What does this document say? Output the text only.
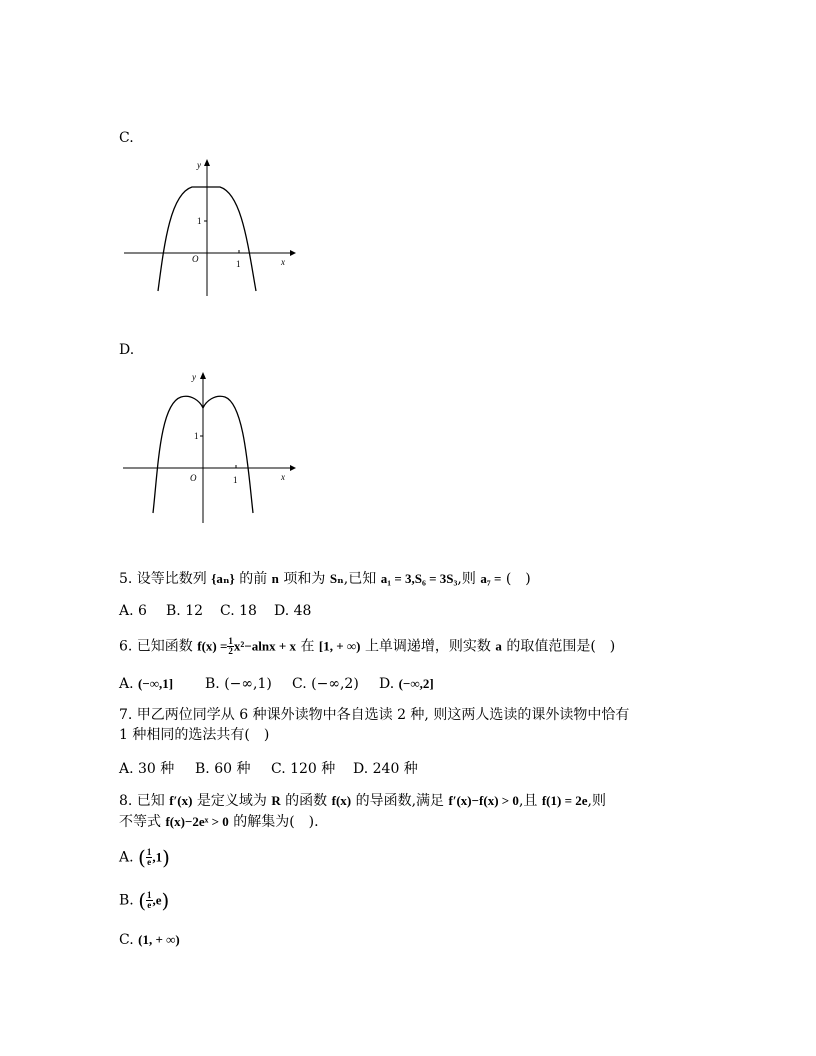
C.
y
x
O	1
1
D.
y
x
O	1
1
5. 设等比数列 {aₙ} 的前 n 项和为 Sₙ,已知 a₁ = 3,S₆ = 3S₃,则 a₇ = (　)
A. 6 B. 12 C. 18 D. 48
6. 已知函数 $f(x) = \frac{1}{2} x^2-alnx + x$ 在 [1, + ∞) 上单调递增，则实数 a 的取值范围是(　)
A. (−∞,1] B. (−∞,1) C. (−∞,2) D. (−∞,2]
7. 甲乙两位同学从 6 种课外读物中各自选读 2 种, 则这两人选读的课外读物中恰有
1 种相同的选法共有(　)
A. 30 种 B. 60 种 C. 120 种 D. 240 种
8. 已知 f′(x) 是定义域为 R 的函数 f(x) 的导函数,满足 f′(x)−f(x) > 0,且 f(1) = 2e,则
不等式 f(x)−2eˣ > 0 的解集为(　).
A. ( $\frac{1}{e} ,1$)
B. ( $\frac{1}{e} ,e$)
C. (1, + ∞)
